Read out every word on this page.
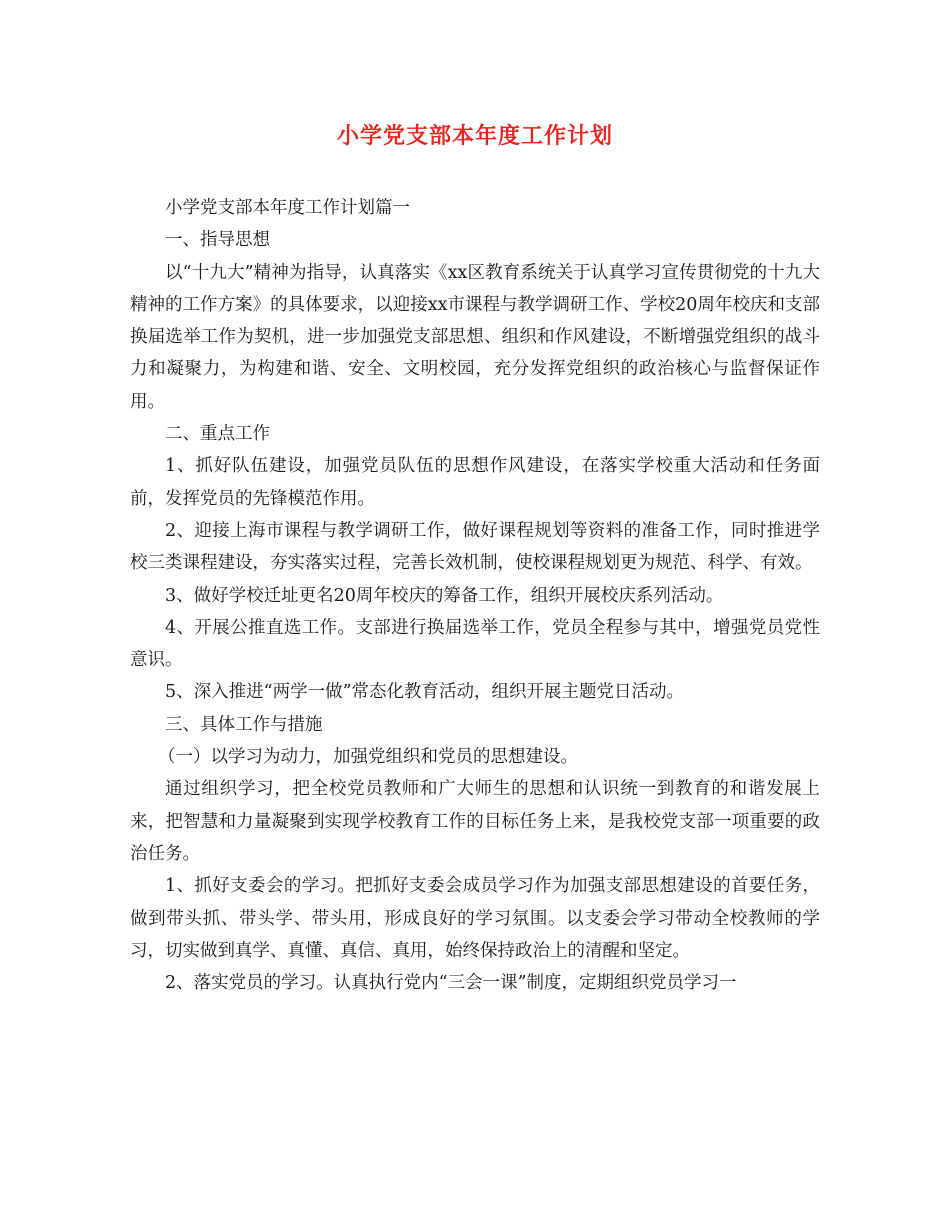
小学党支部本年度工作计划

小学党支部本年度工作计划篇一

一、指导思想

以“十九大”精神为指导，认真落实《xx区教育系统关于认真学习宣传贯彻党的十九大精神的工作方案》的具体要求，以迎接xx市课程与教学调研工作、学校20周年校庆和支部换届选举工作为契机，进一步加强党支部思想、组织和作风建设，不断增强党组织的战斗力和凝聚力，为构建和谐、安全、文明校园，充分发挥党组织的政治核心与监督保证作用。

二、重点工作

1、抓好队伍建设，加强党员队伍的思想作风建设，在落实学校重大活动和任务面前，发挥党员的先锋模范作用。

2、迎接上海市课程与教学调研工作，做好课程规划等资料的准备工作，同时推进学校三类课程建设，夯实落实过程，完善长效机制，使校课程规划更为规范、科学、有效。

3、做好学校迁址更名20周年校庆的筹备工作，组织开展校庆系列活动。

4、开展公推直选工作。支部进行换届选举工作，党员全程参与其中，增强党员党性意识。

5、深入推进“两学一做”常态化教育活动，组织开展主题党日活动。

三、具体工作与措施

（一）以学习为动力，加强党组织和党员的思想建设。

通过组织学习，把全校党员教师和广大师生的思想和认识统一到教育的和谐发展上来，把智慧和力量凝聚到实现学校教育工作的目标任务上来，是我校党支部一项重要的政治任务。

1、抓好支委会的学习。把抓好支委会成员学习作为加强支部思想建设的首要任务，做到带头抓、带头学、带头用，形成良好的学习氛围。以支委会学习带动全校教师的学习，切实做到真学、真懂、真信、真用，始终保持政治上的清醒和坚定。

2、落实党员的学习。认真执行党内“三会一课”制度，定期组织党员学习一
